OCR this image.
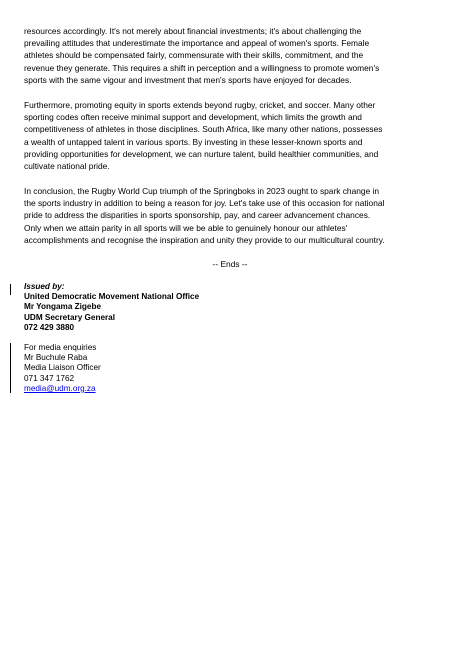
resources accordingly. It's not merely about financial investments; it's about challenging the
prevailing attitudes that underestimate the importance and appeal of women's sports. Female
athletes should be compensated fairly, commensurate with their skills, commitment, and the
revenue they generate. This requires a shift in perception and a willingness to promote women's
sports with the same vigour and investment that men's sports have enjoyed for decades.

Furthermore, promoting equity in sports extends beyond rugby, cricket, and soccer. Many other
sporting codes often receive minimal support and development, which limits the growth and
competitiveness of athletes in those disciplines. South Africa, like many other nations, possesses
a wealth of untapped talent in various sports. By investing in these lesser-known sports and
providing opportunities for development, we can nurture talent, build healthier communities, and
cultivate national pride.

In conclusion, the Rugby World Cup triumph of the Springboks in 2023 ought to spark change in
the sports industry in addition to being a reason for joy. Let's take use of this occasion for national
pride to address the disparities in sports sponsorship, pay, and career advancement chances.
Only when we attain parity in all sports will we be able to genuinely honour our athletes'
accomplishments and recognise the inspiration and unity they provide to our multicultural country.

-- Ends --
Issued by:
United Democratic Movement National Office
Mr Yongama Zigebe
UDM Secretary General
072 429 3880
For media enquiries
Mr Buchule Raba
Media Liaison Officer
071 347 1762
media@udm.org.za
